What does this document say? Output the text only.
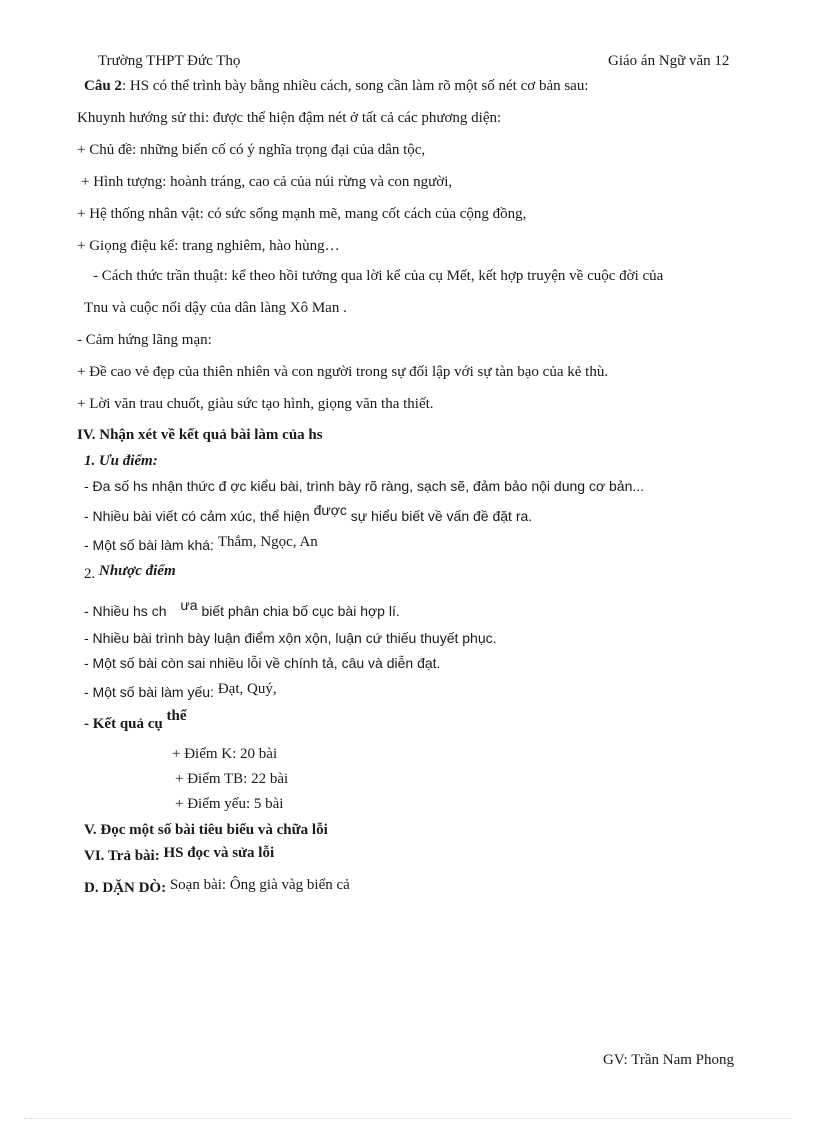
Trường THPT Đức Thọ	Giáo án Ngữ văn 12
Câu 2: HS có thể trình bày bằng nhiều cách, song cần làm rõ một số nét cơ bản sau:
Khuynh hướng sử thi: được thể hiện đậm nét ở tất cả các phương diện:
+ Chủ đề: những biến cố có ý nghĩa trọng đại của dân tộc,
+ Hình tượng: hoành tráng, cao cả của núi rừng và con người,
+ Hệ thống nhân vật: có sức sống mạnh mẽ, mang cốt cách của cộng đồng,
+ Giọng điệu kể: trang nghiêm, hào hùng…
- Cách thức trần thuật: kể theo hồi tưởng qua lời kể của cụ Mết, kết hợp truyện về cuộc đời của
Tnu và cuộc nổi dậy của dân làng Xô Man .
- Cảm hứng lãng mạn:
+ Đề cao vẻ đẹp của thiên nhiên và con người trong sự đối lập với sự tàn bạo của kẻ thù.
+ Lời văn trau chuốt, giàu sức tạo hình, giọng văn tha thiết.
IV. Nhận xét về kết quả bài làm của hs
1. Ưu điểm:
- Đa số hs nhận thức đ ợc kiểu bài, trình bày rõ ràng, sạch sẽ, đảm bảo nội dung cơ bản...
- Nhiều bài viết có cảm xúc, thể hiện được sự hiểu biết về vấn đề đặt ra.
- Một số bài làm khá: Thắm, Ngọc, An
2. Nhược điểm
- Nhiều hs ch ưa biết phân chia bố cục bài hợp lí.
- Nhiều bài trình bày luận điểm xộn xộn, luận cứ thiếu thuyết phục.
- Một số bài còn sai nhiều lỗi về chính tả, câu và diễn đạt.
- Một số bài làm yếu: Đạt, Quý,
- Kết quả cụ thể
+ Điểm K: 20 bài
+ Điểm TB: 22 bài
+ Điểm yếu: 5 bài
V. Đọc một số bài tiêu biểu và chữa lỗi
VI. Trả bài: HS đọc và sửa lỗi
D. DẶN DÒ: Soạn bài: Ông già vàg biển cả
GV: Trần Nam Phong
